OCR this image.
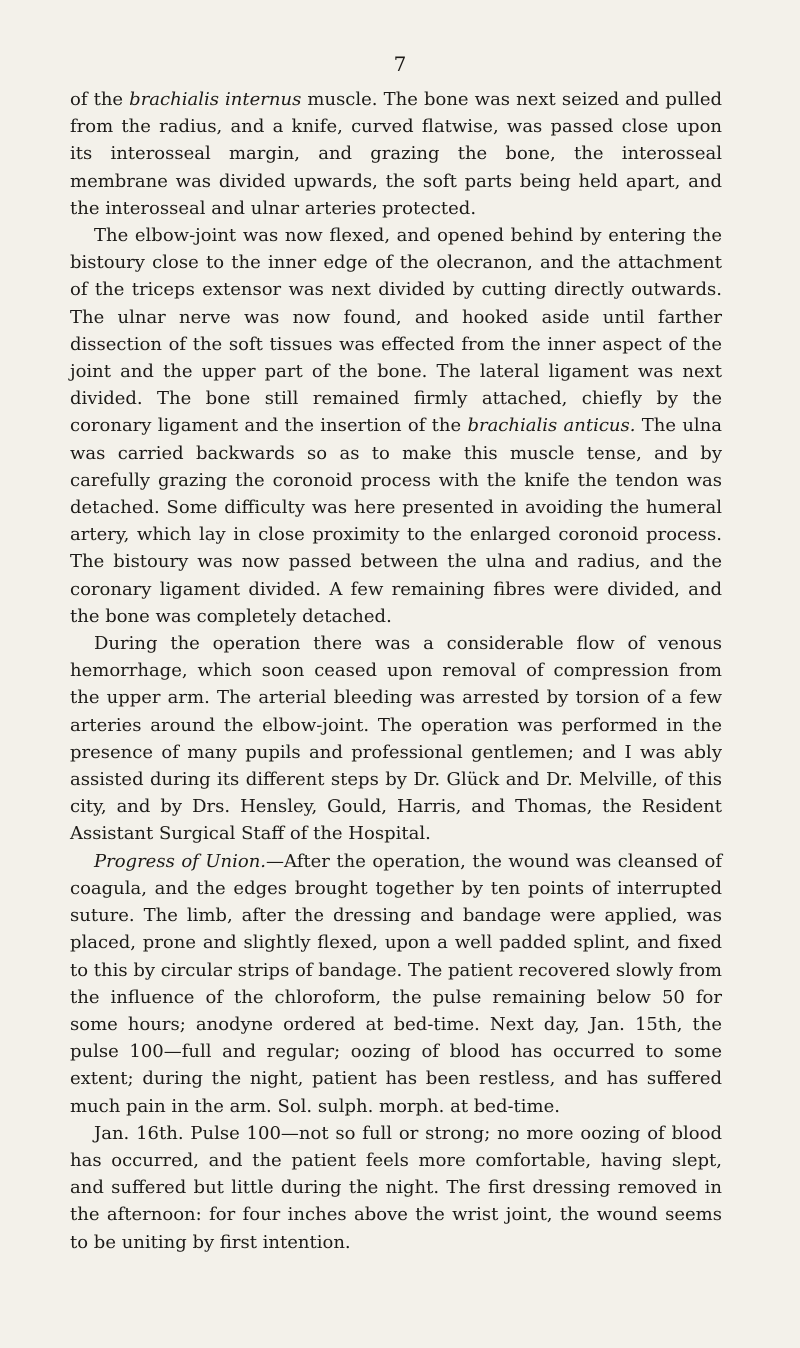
7

of the brachialis internus muscle. The bone was next seized and pulled from the radius, and a knife, curved flatwise, was passed close upon its interosseal margin, and grazing the bone, the interosseal membrane was divided upwards, the soft parts being held apart, and the interosseal and ulnar arteries protected.

The elbow-joint was now flexed, and opened behind by entering the bistoury close to the inner edge of the olecranon, and the attachment of the triceps extensor was next divided by cutting directly outwards. The ulnar nerve was now found, and hooked aside until farther dissection of the soft tissues was effected from the inner aspect of the joint and the upper part of the bone. The lateral ligament was next divided. The bone still remained firmly attached, chiefly by the coronary ligament and the insertion of the brachialis anticus. The ulna was carried backwards so as to make this muscle tense, and by carefully grazing the coronoid process with the knife the tendon was detached. Some difficulty was here presented in avoiding the humeral artery, which lay in close proximity to the enlarged coronoid process. The bistoury was now passed between the ulna and radius, and the coronary ligament divided. A few remaining fibres were divided, and the bone was completely detached.

During the operation there was a considerable flow of venous hemorrhage, which soon ceased upon removal of compression from the upper arm. The arterial bleeding was arrested by torsion of a few arteries around the elbow-joint. The operation was performed in the presence of many pupils and professional gentlemen; and I was ably assisted during its different steps by Dr. Glück and Dr. Melville, of this city, and by Drs. Hensley, Gould, Harris, and Thomas, the Resident Assistant Surgical Staff of the Hospital.

Progress of Union.—After the operation, the wound was cleansed of coagula, and the edges brought together by ten points of interrupted suture. The limb, after the dressing and bandage were applied, was placed, prone and slightly flexed, upon a well padded splint, and fixed to this by circular strips of bandage. The patient recovered slowly from the influence of the chloroform, the pulse remaining below 50 for some hours; anodyne ordered at bed-time. Next day, Jan. 15th, the pulse 100—full and regular; oozing of blood has occurred to some extent; during the night, patient has been restless, and has suffered much pain in the arm. Sol. sulph. morph. at bed-time.

Jan. 16th. Pulse 100—not so full or strong; no more oozing of blood has occurred, and the patient feels more comfortable, having slept, and suffered but little during the night. The first dressing removed in the afternoon: for four inches above the wrist joint, the wound seems to be uniting by first intention.
